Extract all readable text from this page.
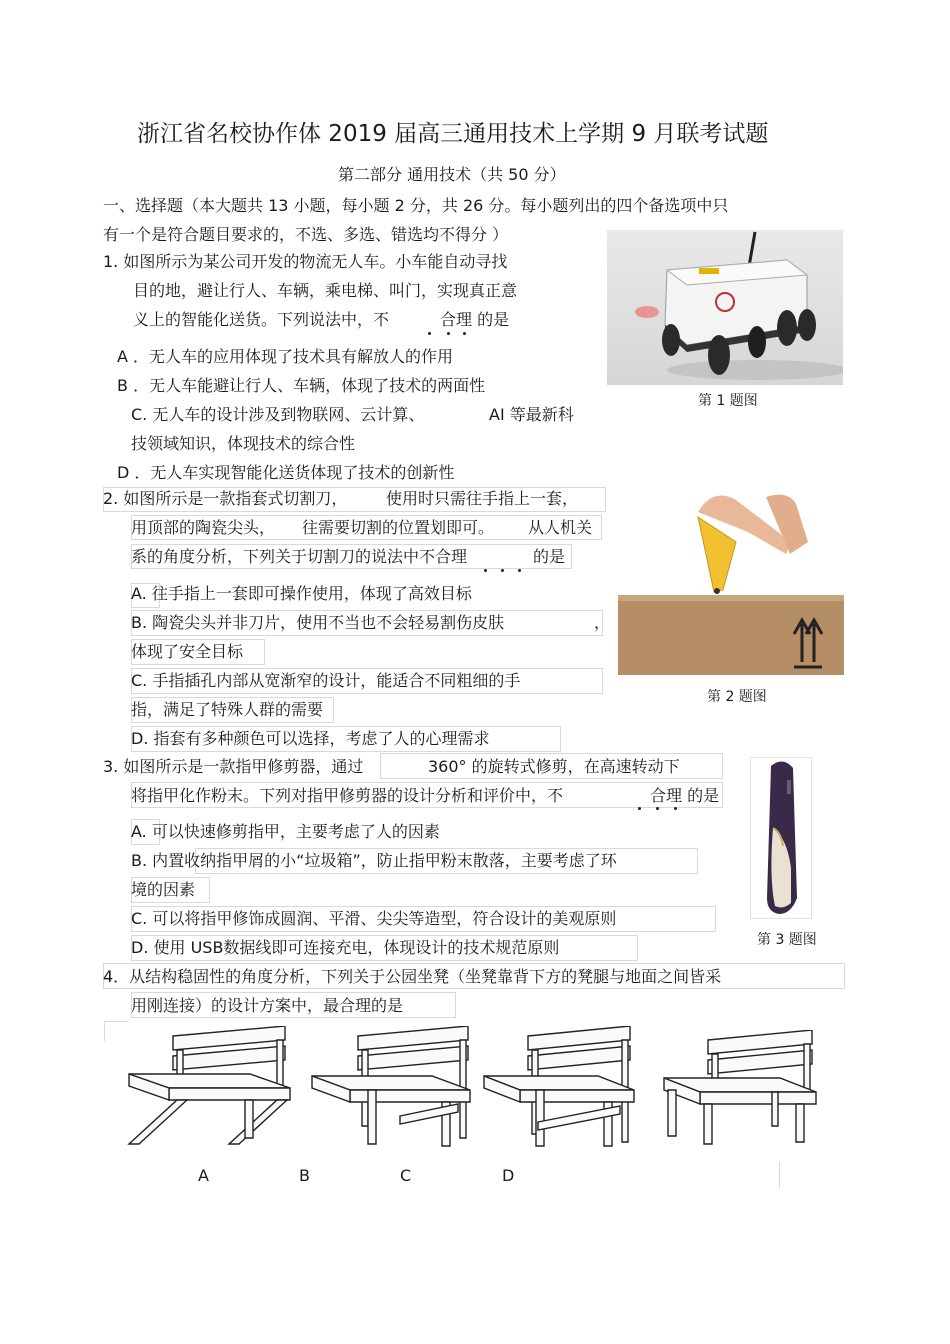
浙江省名校协作体 2019 届高三通用技术上学期 9 月联考试题
第二部分 通用技术（共 50 分）
一、选择题（本大题共 13 小题，每小题 2 分，共 26 分。每小题列出的四个备选项中只
有一个是符合题目要求的，不选、多选、错选均不得分 ）
1. 如图所示为某公司开发的物流无人车。小车能自动寻找
目的地，避让行人、车辆，乘电梯、叫门，实现真正意
义上的智能化送货。下列说法中，不	合理 的是
A ．无人车的应用体现了技术具有解放人的作用
B ．无人车能避让行人、车辆，体现了技术的两面性
C. 无人车的设计涉及到物联网、云计算、	AI 等最新科
技领域知识，体现技术的综合性
D ．无人车实现智能化送货体现了技术的创新性
第 1 题图
2. 如图所示是一款指套式切割刀， 使用时只需往手指上一套，
用顶部的陶瓷尖头， 往需要切割的位置划即可。 从人机关
系的角度分析，下列关于切割刀的说法中不合理	的是
A. 往手指上一套即可操作使用，体现了高效目标
B. 陶瓷尖头并非刀片，使用不当也不会轻易割伤皮肤	，
体现了安全目标
C. 手指插孔内部从宽渐窄的设计，能适合不同粗细的手
指，满足了特殊人群的需要
D. 指套有多种颜色可以选择，考虑了人的心理需求
第 2 题图
3. 如图所示是一款指甲修剪器，通过	360° 的旋转式修剪，在高速转动下
将指甲化作粉末。下列对指甲修剪器的设计分析和评价中，不	合理 的是
A. 可以快速修剪指甲，主要考虑了人的因素
B. 内置收纳指甲屑的小“垃圾箱”，防止指甲粉末散落，主要考虑了环
境的因素
C. 可以将指甲修饰成圆润、平滑、尖尖等造型，符合设计的美观原则
D. 使用 USB数据线即可连接充电，体现设计的技术规范原则	第 3 题图
4．从结构稳固性的角度分析，下列关于公园坐凳（坐凳靠背下方的凳腿与地面之间皆采
用刚连接）的设计方案中，最合理的是
A	B	C	D
